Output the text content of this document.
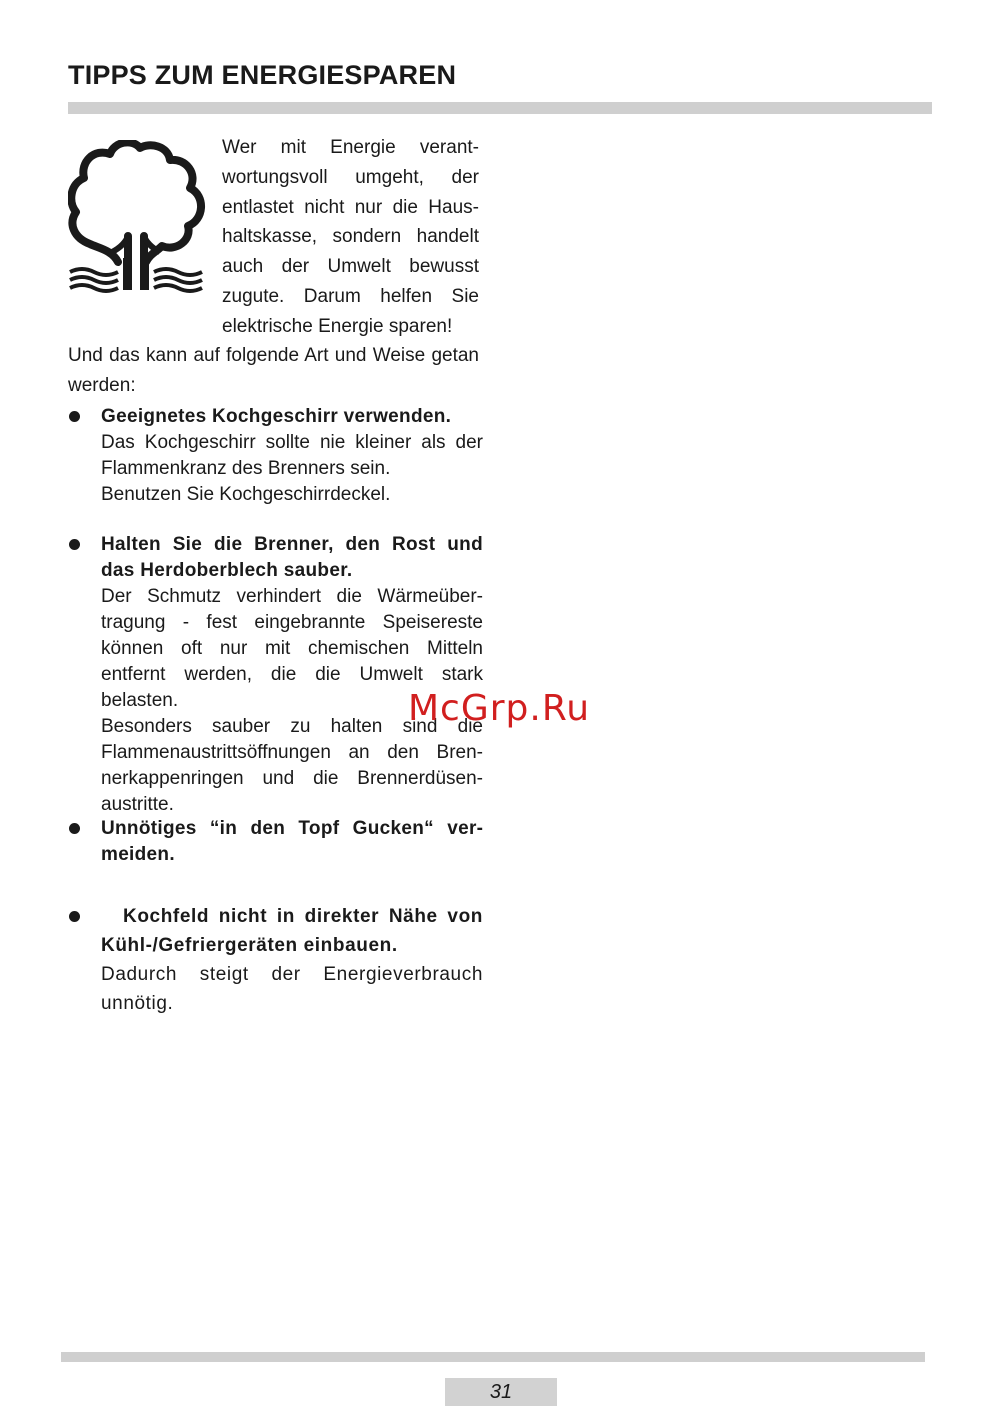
TIPPS ZUM ENERGIESPAREN

Wer mit Energie verantwortungsvoll umgeht, der entlastet nicht nur die Haushaltskasse, sondern handelt auch der Umwelt bewusst zugute. Darum helfen Sie elektrische Energie sparen!

Und das kann auf folgende Art und Weise getan werden:

Geeignetes Kochgeschirr verwenden.

Das Kochgeschirr sollte nie kleiner als der Flammenkranz des Brenners sein.

Benutzen Sie Kochgeschirrdeckel.

Halten Sie die Brenner, den Rost und das Herdoberblech sauber.

Der Schmutz verhindert die Wärmeübertragung - fest eingebrannte Speisereste können oft nur mit chemischen Mitteln entfernt werden, die die Umwelt stark belasten.

Besonders sauber zu halten sind die Flammenaustrittsöffnungen an den Brennerkappenringen und die Brennerdüsenaustritte.

Unnötiges “in den Topf Gucken“ vermeiden.

Kochfeld nicht in direkter Nähe von Kühl-/Gefriergeräten einbauen.

Dadurch steigt der Energieverbrauch unnötig.

McGrp.Ru
31
